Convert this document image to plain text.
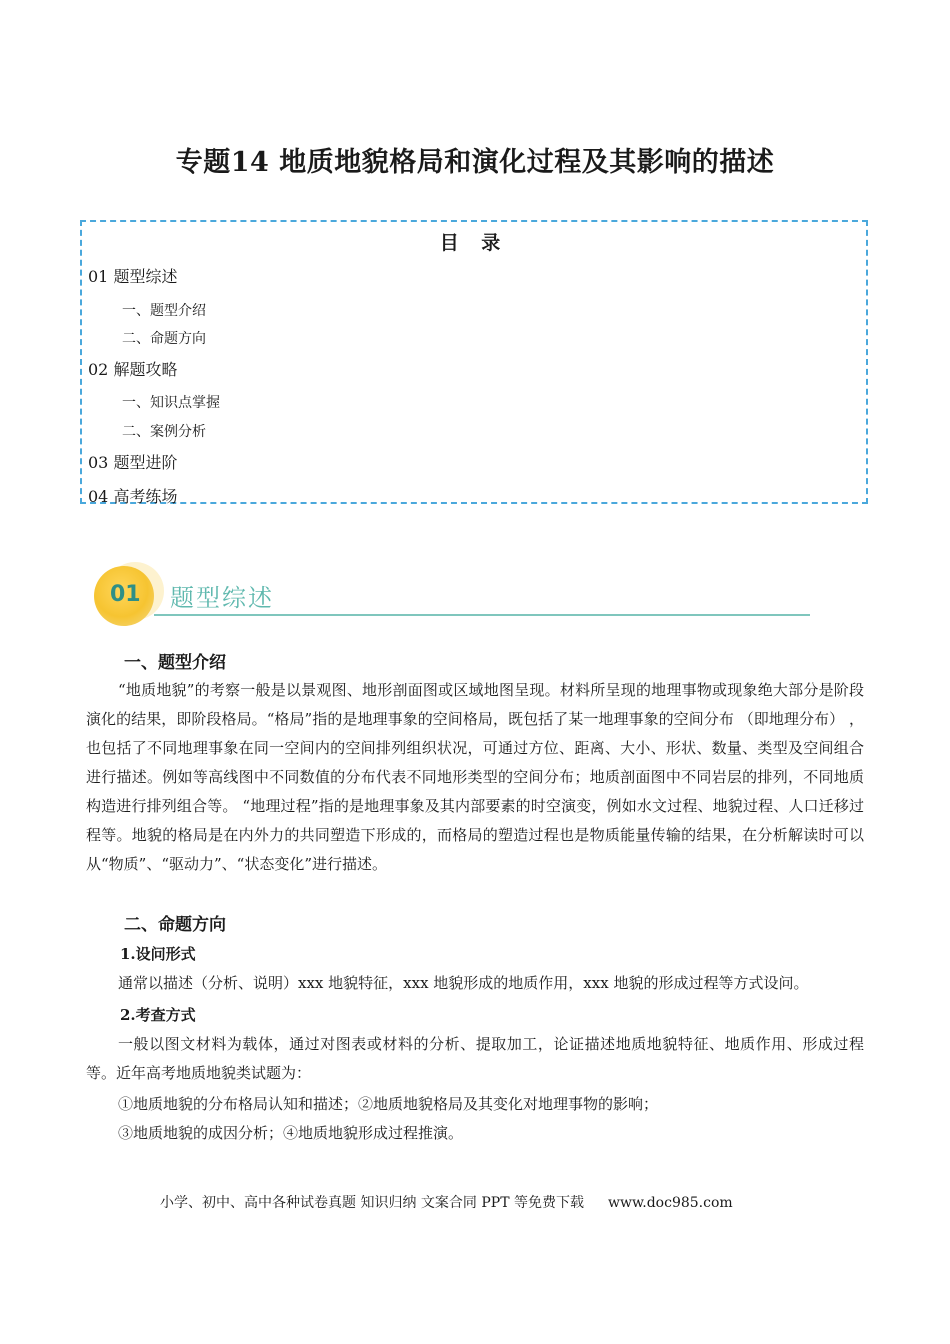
专题14 地质地貌格局和演化过程及其影响的描述
目 录
01 题型综述
一、题型介绍
二、命题方向
02 解题攻略
一、知识点掌握
二、案例分析
03 题型进阶
04 高考练场
01 题型综述
一、题型介绍
“地质地貌”的考察一般是以景观图、地形剖面图或区域地图呈现。材料所呈现的地理事物或现象绝大部分是阶段演化的结果，即阶段格局。“格局”指的是地理事象的空间格局，既包括了某一地理事象的空间分布 （即地理分布） ，也包括了不同地理事象在同一空间内的空间排列组织状况，可通过方位、距离、大小、形状、数量、类型及空间组合进行描述。例如等高线图中不同数值的分布代表不同地形类型的空间分布；地质剖面图中不同岩层的排列，不同地质构造进行排列组合等。 “地理过程”指的是地理事象及其内部要素的时空演变，例如水文过程、地貌过程、人口迁移过程等。地貌的格局是在内外力的共同塑造下形成的，而格局的塑造过程也是物质能量传输的结果，在分析解读时可以从“物质”、“驱动力”、“状态变化”进行描述。
二、命题方向
1.设问形式
通常以描述（分析、说明）xxx 地貌特征，xxx 地貌形成的地质作用，xxx 地貌的形成过程等方式设问。
2.考查方式
一般以图文材料为载体，通过对图表或材料的分析、提取加工，论证描述地质地貌特征、地质作用、形成过程等。近年高考地质地貌类试题为：
①地质地貌的分布格局认知和描述；②地质地貌格局及其变化对地理事物的影响；
③地质地貌的成因分析；④地质地貌形成过程推演。
小学、初中、高中各种试卷真题 知识归纳 文案合同 PPT 等免费下载 www.doc985.com
